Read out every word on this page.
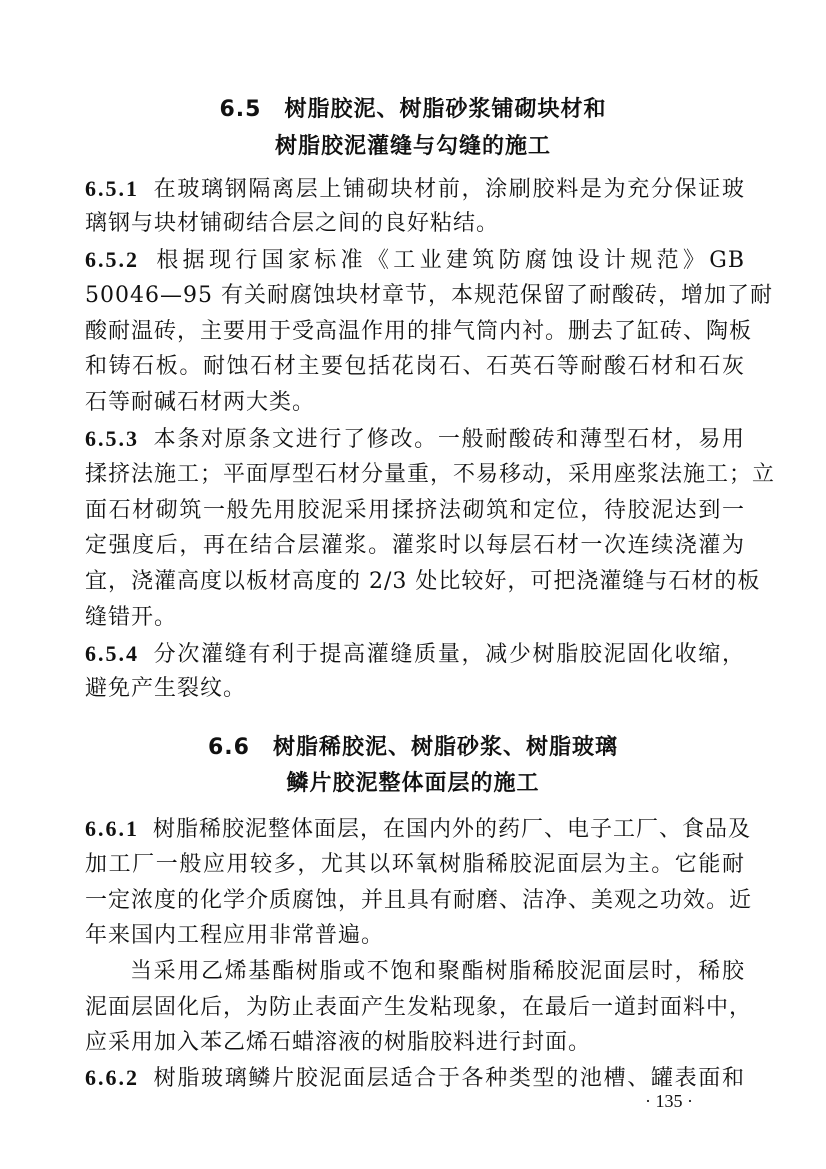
6.5　树脂胶泥、树脂砂浆铺砌块材和
树脂胶泥灌缝与勾缝的施工
6.5.1 在玻璃钢隔离层上铺砌块材前，涂刷胶料是为充分保证玻
璃钢与块材铺砌结合层之间的良好粘结。
6.5.2 根据现行国家标准《工业建筑防腐蚀设计规范》GB
50046—95 有关耐腐蚀块材章节，本规范保留了耐酸砖，增加了耐
酸耐温砖，主要用于受高温作用的排气筒内衬。删去了缸砖、陶板
和铸石板。耐蚀石材主要包括花岗石、石英石等耐酸石材和石灰
石等耐碱石材两大类。
6.5.3 本条对原条文进行了修改。一般耐酸砖和薄型石材，易用
揉挤法施工；平面厚型石材分量重，不易移动，采用座浆法施工；立
面石材砌筑一般先用胶泥采用揉挤法砌筑和定位，待胶泥达到一
定强度后，再在结合层灌浆。灌浆时以每层石材一次连续浇灌为
宜，浇灌高度以板材高度的 2/3 处比较好，可把浇灌缝与石材的板
缝错开。
6.5.4 分次灌缝有利于提高灌缝质量，减少树脂胶泥固化收缩，
避免产生裂纹。
6.6　树脂稀胶泥、树脂砂浆、树脂玻璃
鳞片胶泥整体面层的施工
6.6.1 树脂稀胶泥整体面层，在国内外的药厂、电子工厂、食品及
加工厂一般应用较多，尤其以环氧树脂稀胶泥面层为主。它能耐
一定浓度的化学介质腐蚀，并且具有耐磨、洁净、美观之功效。近
年来国内工程应用非常普遍。
当采用乙烯基酯树脂或不饱和聚酯树脂稀胶泥面层时，稀胶
泥面层固化后，为防止表面产生发粘现象，在最后一道封面料中，
应采用加入苯乙烯石蜡溶液的树脂胶料进行封面。
6.6.2 树脂玻璃鳞片胶泥面层适合于各种类型的池槽、罐表面和
· 135 ·
